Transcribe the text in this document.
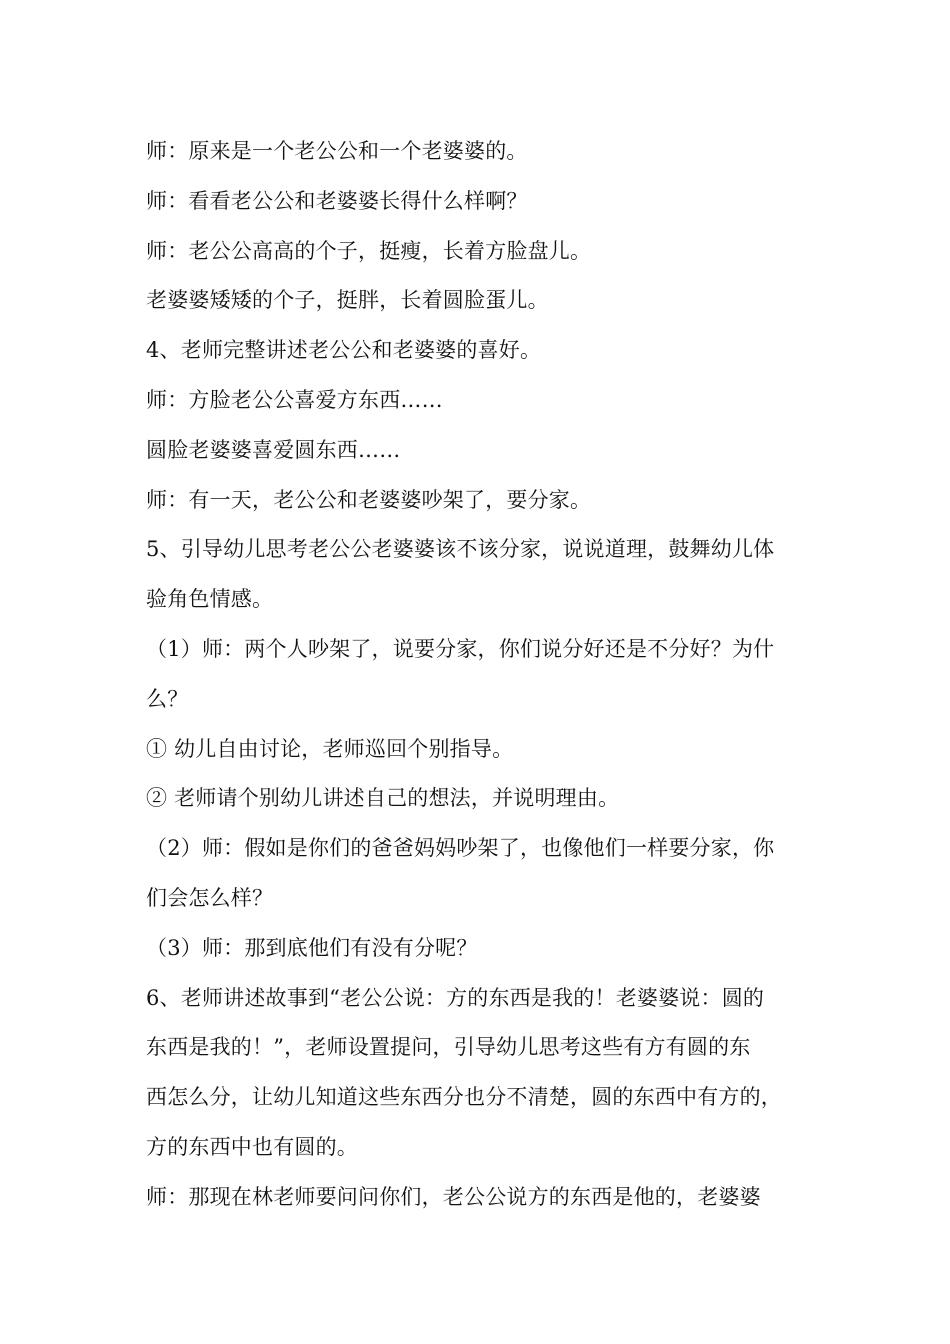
师：原来是一个老公公和一个老婆婆的。
师：看看老公公和老婆婆长得什么样啊？
师：老公公高高的个子，挺瘦，长着方脸盘儿。
老婆婆矮矮的个子，挺胖，长着圆脸蛋儿。
4、老师完整讲述老公公和老婆婆的喜好。
师：方脸老公公喜爱方东西……
圆脸老婆婆喜爱圆东西……
师：有一天，老公公和老婆婆吵架了，要分家。
5、引导幼儿思考老公公老婆婆该不该分家，说说道理，鼓舞幼儿体
验角色情感。
（1）师：两个人吵架了，说要分家，你们说分好还是不分好？为什
么？
① 幼儿自由讨论，老师巡回个别指导。
② 老师请个别幼儿讲述自己的想法，并说明理由。
（2）师：假如是你们的爸爸妈妈吵架了，也像他们一样要分家，你
们会怎么样？
（3）师：那到底他们有没有分呢？
6、老师讲述故事到“老公公说：方的东西是我的！老婆婆说：圆的
东西是我的！”，老师设置提问，引导幼儿思考这些有方有圆的东
西怎么分，让幼儿知道这些东西分也分不清楚，圆的东西中有方的，
方的东西中也有圆的。
师：那现在林老师要问问你们，老公公说方的东西是他的，老婆婆
